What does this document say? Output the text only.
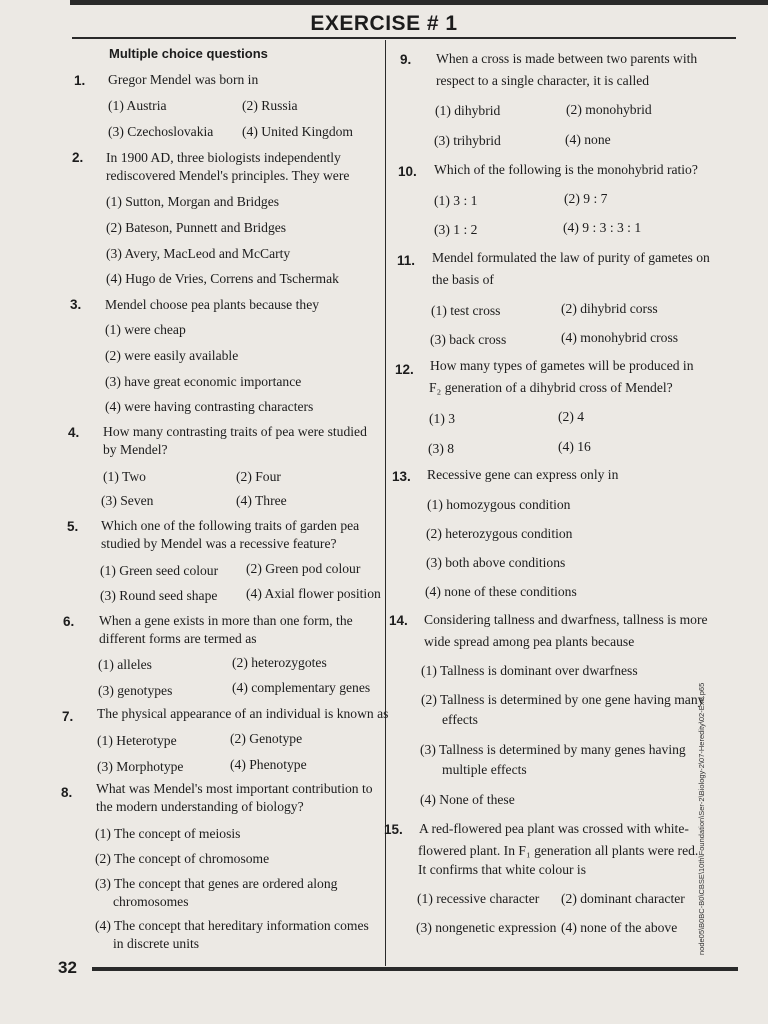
EXERCISE # 1
Multiple choice questions
1. Gregor Mendel was born in
(1) Austria	(2) Russia
(3) Czechoslovakia (4) United Kingdom
2. In 1900 AD, three biologists independently
rediscovered Mendel's principles. They were
(1) Sutton, Morgan and Bridges
(2) Bateson, Punnett and Bridges
(3) Avery, MacLeod and McCarty
(4) Hugo de Vries, Correns and Tschermak
3. Mendel choose pea plants because they
(1) were cheap
(2) were easily available
(3) have great economic importance
(4) were having contrasting characters
4. How many contrasting traits of pea were studied
by Mendel?
(1) Two	(2) Four
(3) Seven	(4) Three
5. Which one of the following traits of garden pea
studied by Mendel was a recessive feature?
(1) Green seed colour (2) Green pod colour
(3) Round seed shape (4) Axial flower position
6. When a gene exists in more than one form, the
different forms are termed as
(1) alleles	(2) heterozygotes
(3) genotypes	(4) complementary genes
7. The physical appearance of an individual is known as
(1) Heterotype	(2) Genotype
(3) Morphotype	(4) Phenotype
8. What was Mendel's most important contribution to
the modern understanding of biology?
(1) The concept of meiosis
(2) The concept of chromosome
(3) The concept that genes are ordered along
chromosomes
(4) The concept that hereditary information comes
in discrete units
9. When a cross is made between two parents with
respect to a single character, it is called
(1) dihybrid	(2) monohybrid
(3) trihybrid	(4) none
10. Which of the following is the monohybrid ratio?
(1) 3 : 1	(2) 9 : 7
(3) 1 : 2	(4) 9 : 3 : 3 : 1
11. Mendel formulated the law of purity of gametes on
the basis of
(1) test cross	(2) dihybrid corss
(3) back cross	(4) monohybrid cross
12. How many types of gametes will be produced in
F₂ generation of a dihybrid cross of Mendel?
(1) 3	(2) 4
(3) 8	(4) 16
13. Recessive gene can express only in
(1) homozygous condition
(2) heterozygous condition
(3) both above conditions
(4) none of these conditions
14. Considering tallness and dwarfness, tallness is more
wide spread among pea plants because
(1) Tallness is dominant over dwarfness
(2) Tallness is determined by one gene having many
effects
(3) Tallness is determined by many genes having
multiple effects
(4) None of these
15. A red-flowered pea plant was crossed with white-
flowered plant. In F₁ generation all plants were red.
It confirms that white colour is
(1) recessive character (2) dominant character
(3) nongenetic expression (4) none of the above
32
node05\B0BC-B0\CBSE\10th\Foundation\Ser-2\Biology-2\07-Heredity\02-Exe.p65
